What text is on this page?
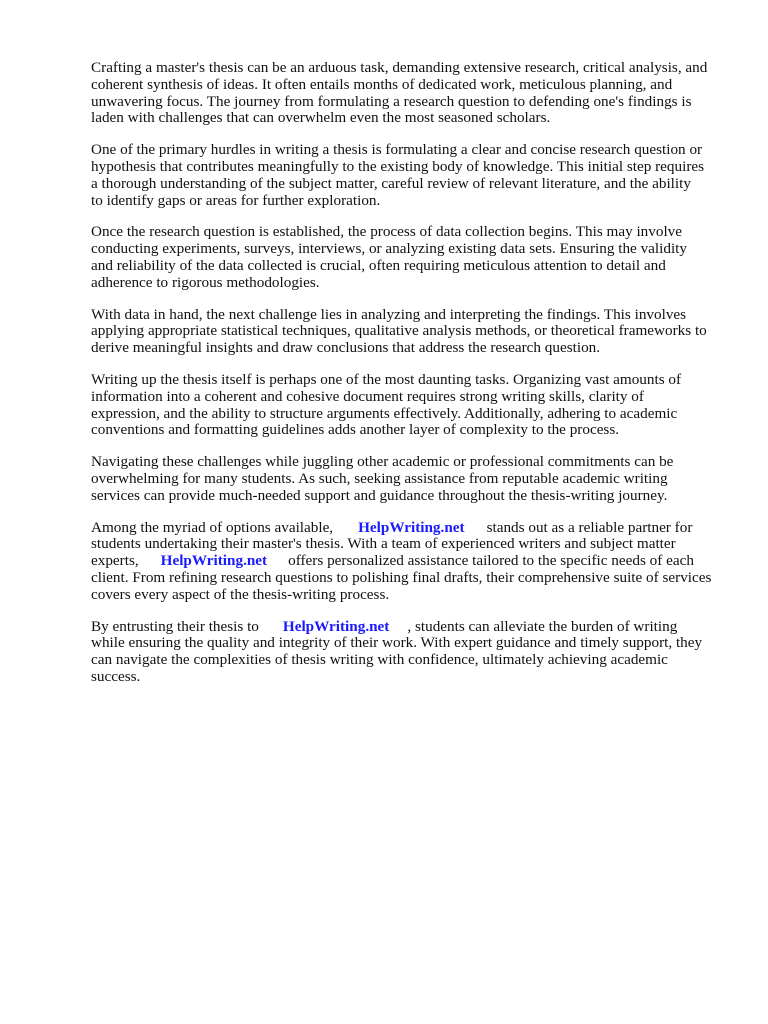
Crafting a master's thesis can be an arduous task, demanding extensive research, critical analysis, and
coherent synthesis of ideas. It often entails months of dedicated work, meticulous planning, and
unwavering focus. The journey from formulating a research question to defending one's findings is
laden with challenges that can overwhelm even the most seasoned scholars.

One of the primary hurdles in writing a thesis is formulating a clear and concise research question or
hypothesis that contributes meaningfully to the existing body of knowledge. This initial step requires
a thorough understanding of the subject matter, careful review of relevant literature, and the ability
to identify gaps or areas for further exploration.

Once the research question is established, the process of data collection begins. This may involve
conducting experiments, surveys, interviews, or analyzing existing data sets. Ensuring the validity
and reliability of the data collected is crucial, often requiring meticulous attention to detail and
adherence to rigorous methodologies.

With data in hand, the next challenge lies in analyzing and interpreting the findings. This involves
applying appropriate statistical techniques, qualitative analysis methods, or theoretical frameworks to
derive meaningful insights and draw conclusions that address the research question.

Writing up the thesis itself is perhaps one of the most daunting tasks. Organizing vast amounts of
information into a coherent and cohesive document requires strong writing skills, clarity of
expression, and the ability to structure arguments effectively. Additionally, adhering to academic
conventions and formatting guidelines adds another layer of complexity to the process.

Navigating these challenges while juggling other academic or professional commitments can be
overwhelming for many students. As such, seeking assistance from reputable academic writing
services can provide much-needed support and guidance throughout the thesis-writing journey.

Among the myriad of options available, HelpWriting.net stands out as a reliable partner for
students undertaking their master's thesis. With a team of experienced writers and subject matter
experts, HelpWriting.net offers personalized assistance tailored to the specific needs of each
client. From refining research questions to polishing final drafts, their comprehensive suite of services
covers every aspect of the thesis-writing process.

By entrusting their thesis to HelpWriting.net , students can alleviate the burden of writing
while ensuring the quality and integrity of their work. With expert guidance and timely support, they
can navigate the complexities of thesis writing with confidence, ultimately achieving academic
success.
